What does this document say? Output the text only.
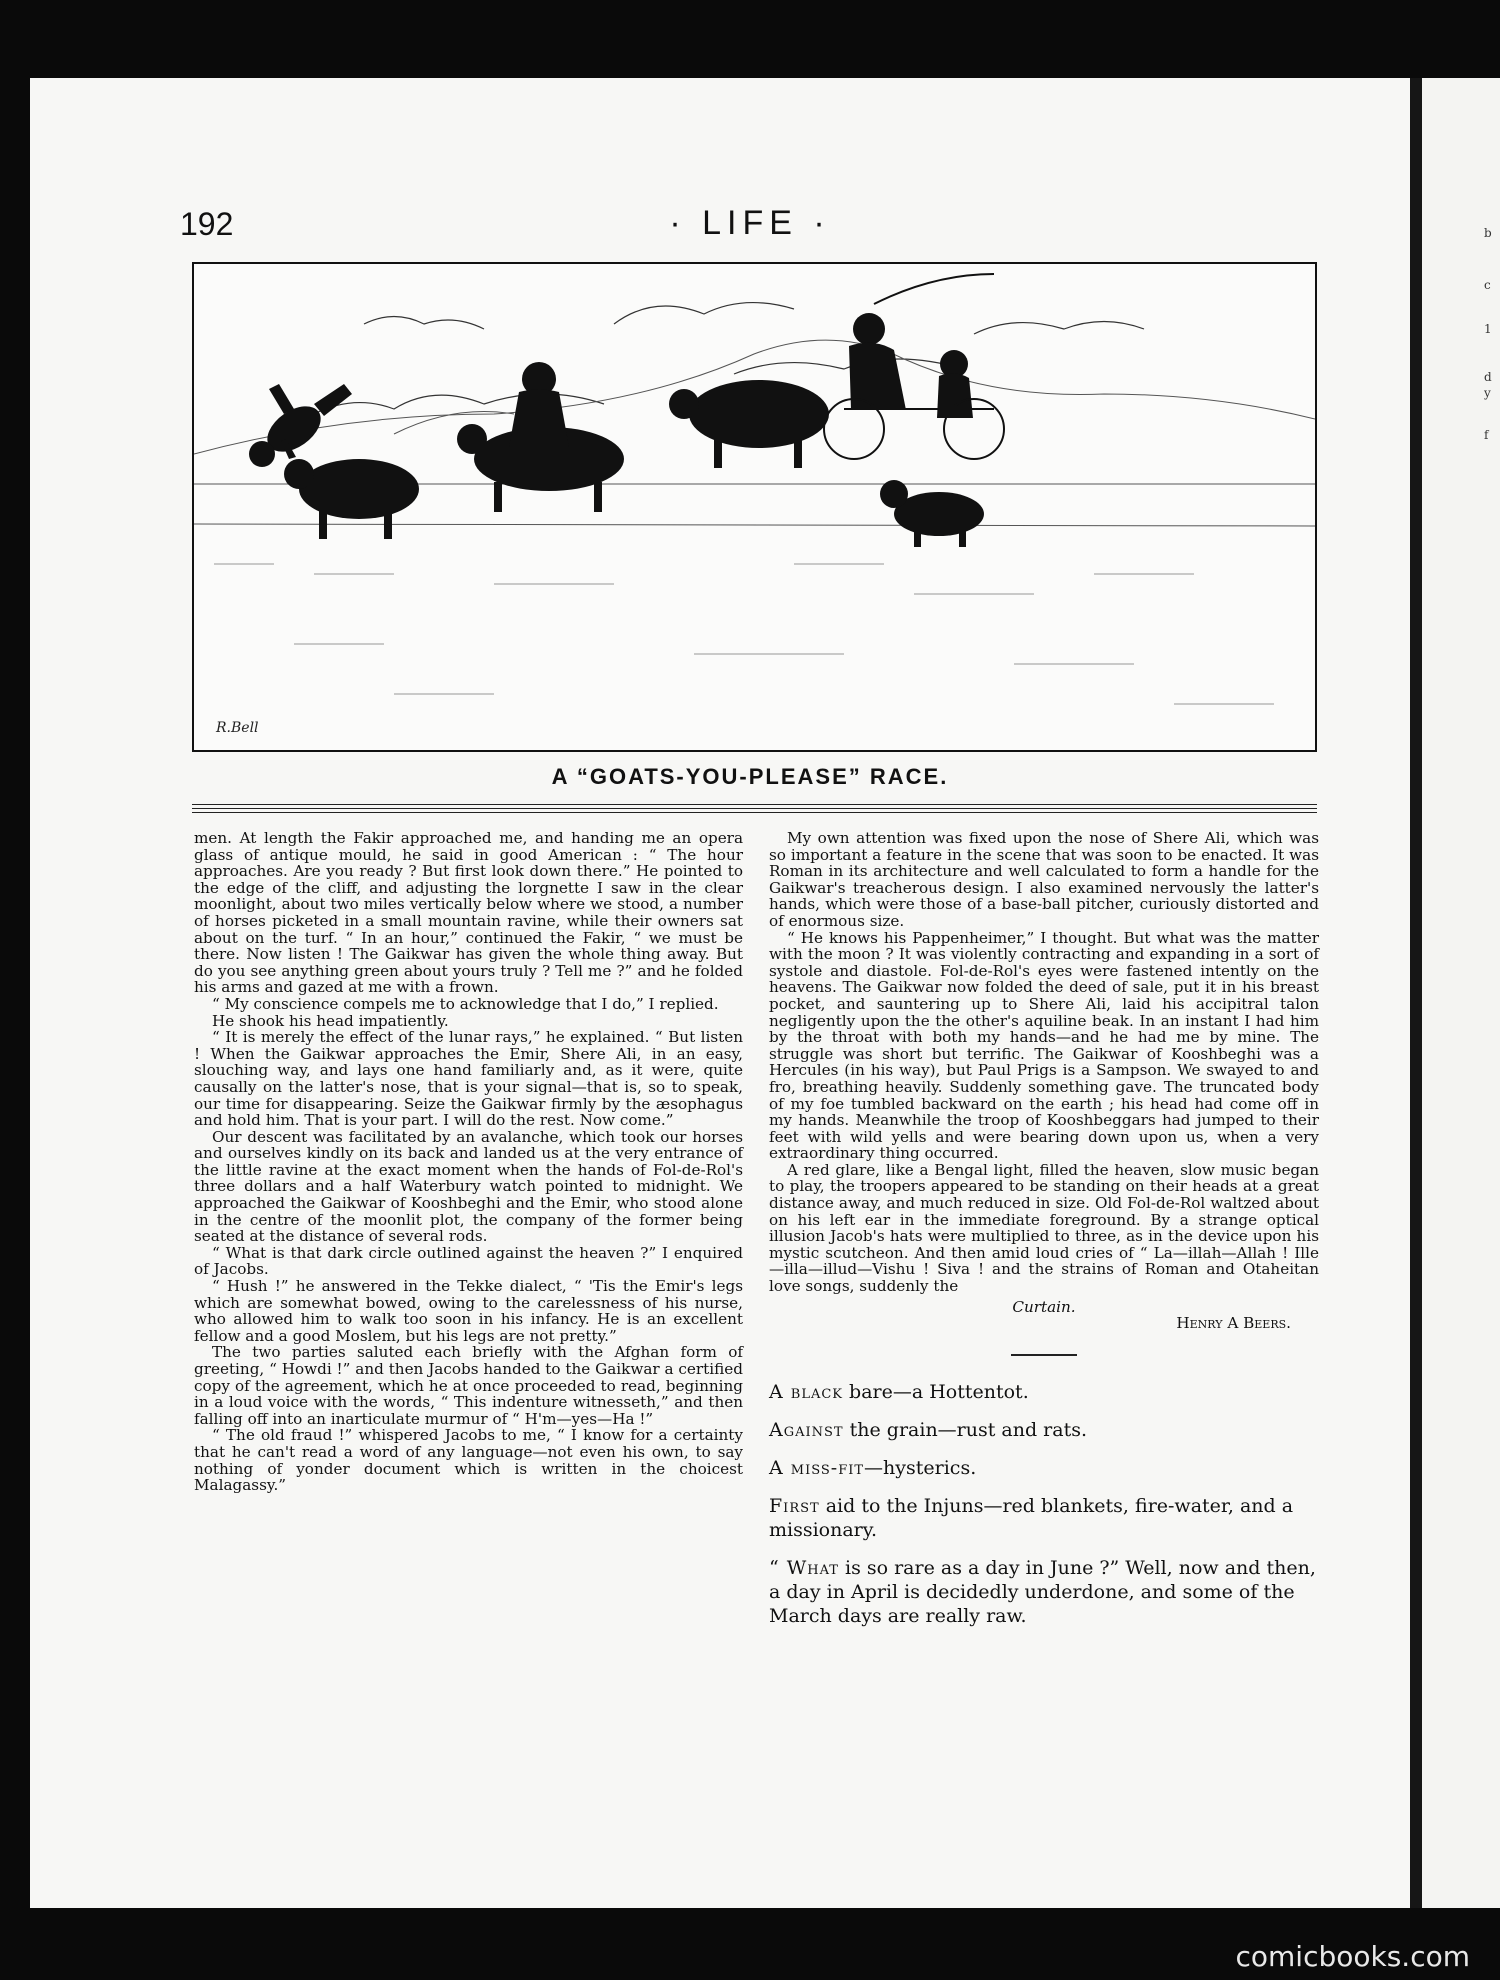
b
c
1
d
y
f
192	· LIFE ·
R.Bell
A “GOATS-YOU-PLEASE” RACE.

men. At length the Fakir approached me, and handing me an opera glass of antique mould, he said in good American : “ The hour approaches. Are you ready ? But first look down there.” He pointed to the edge of the cliff, and adjusting the lorgnette I saw in the clear moonlight, about two miles vertically below where we stood, a number of horses picketed in a small mountain ravine, while their owners sat about on the turf. “ In an hour,” continued the Fakir, “ we must be there. Now listen ! The Gaikwar has given the whole thing away. But do you see anything green about yours truly ? Tell me ?” and he folded his arms and gazed at me with a frown.

“ My conscience compels me to acknowledge that I do,” I replied.

He shook his head impatiently.

“ It is merely the effect of the lunar rays,” he explained. “ But listen ! When the Gaikwar approaches the Emir, Shere Ali, in an easy, slouching way, and lays one hand familiarly and, as it were, quite causally on the latter's nose, that is your signal—that is, so to speak, our time for disappearing. Seize the Gaikwar firmly by the æsophagus and hold him. That is your part. I will do the rest. Now come.”

Our descent was facilitated by an avalanche, which took our horses and ourselves kindly on its back and landed us at the very entrance of the little ravine at the exact moment when the hands of Fol-de-Rol's three dollars and a half Waterbury watch pointed to midnight. We approached the Gaikwar of Kooshbeghi and the Emir, who stood alone in the centre of the moonlit plot, the company of the former being seated at the distance of several rods.

“ What is that dark circle outlined against the heaven ?” I enquired of Jacobs.

“ Hush !” he answered in the Tekke dialect, “ 'Tis the Emir's legs which are somewhat bowed, owing to the carelessness of his nurse, who allowed him to walk too soon in his infancy. He is an excellent fellow and a good Moslem, but his legs are not pretty.”

The two parties saluted each briefly with the Afghan form of greeting, “ Howdi !” and then Jacobs handed to the Gaikwar a certified copy of the agreement, which he at once proceeded to read, beginning in a loud voice with the words, “ This indenture witnesseth,” and then falling off into an inarticulate murmur of “ H'm—yes—Ha !”

“ The old fraud !” whispered Jacobs to me, “ I know for a certainty that he can't read a word of any language—not even his own, to say nothing of yonder document which is written in the choicest Malagassy.”

My own attention was fixed upon the nose of Shere Ali, which was so important a feature in the scene that was soon to be enacted. It was Roman in its architecture and well calculated to form a handle for the Gaikwar's treacherous design. I also examined nervously the latter's hands, which were those of a base-ball pitcher, curiously distorted and of enormous size.

“ He knows his Pappenheimer,” I thought. But what was the matter with the moon ? It was violently contracting and expanding in a sort of systole and diastole. Fol-de-Rol's eyes were fastened intently on the heavens. The Gaikwar now folded the deed of sale, put it in his breast pocket, and sauntering up to Shere Ali, laid his accipitral talon negligently upon the the other's aquiline beak. In an instant I had him by the throat with both my hands—and he had me by mine. The struggle was short but terrific. The Gaikwar of Kooshbeghi was a Hercules (in his way), but Paul Prigs is a Sampson. We swayed to and fro, breathing heavily. Suddenly something gave. The truncated body of my foe tumbled backward on the earth ; his head had come off in my hands. Meanwhile the troop of Kooshbeggars had jumped to their feet with wild yells and were bearing down upon us, when a very extraordinary thing occurred.

A red glare, like a Bengal light, filled the heaven, slow music began to play, the troopers appeared to be standing on their heads at a great distance away, and much reduced in size. Old Fol-de-Rol waltzed about on his left ear in the immediate foreground. By a strange optical illusion Jacob's hats were multiplied to three, as in the device upon his mystic scutcheon. And then amid loud cries of “ La—illah—Allah ! Ille—illa—illud—Vishu ! Siva ! and the strains of Roman and Otaheitan love songs, suddenly the

Curtain.
Henry A Beers.

A black bare—a Hottentot.

Against the grain—rust and rats.

A miss-fit—hysterics.

First aid to the Injuns—red blankets, fire-water, and a missionary.

“ What is so rare as a day in June ?” Well, now and then, a day in April is decidedly underdone, and some of the March days are really raw.

comicbooks.com
